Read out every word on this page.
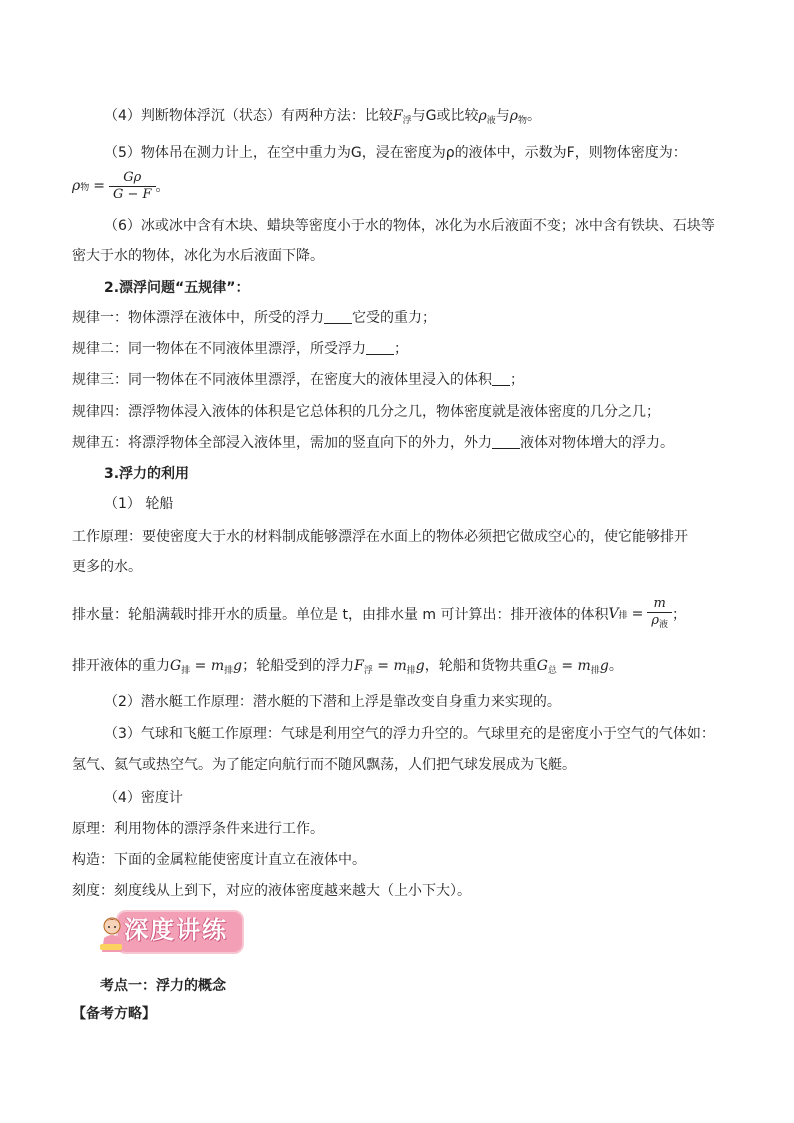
（4）判断物体浮沉（状态）有两种方法：比较$F_浮$与G或比较$\rho_液$与$\rho_物$。
（5）物体吊在测力计上，在空中重力为G，浸在密度为ρ的液体中，示数为F，则物体密度为：
ρ 物 = $\frac{G\rho}{G - F}$ 。
（6）冰或冰中含有木块、蜡块等密度小于水的物体，冰化为水后液面不变；冰中含有铁块、石块等
密大于水的物体，冰化为水后液面下降。
2.漂浮问题“五规律”：
规律一：物体漂浮在液体中，所受的浮力 它受的重力；
规律二：同一物体在不同液体里漂浮，所受浮力 ；
规律三：同一物体在不同液体里漂浮，在密度大的液体里浸入的体积 ；
规律四：漂浮物体浸入液体的体积是它总体积的几分之几，物体密度就是液体密度的几分之几；
规律五：将漂浮物体全部浸入液体里，需加的竖直向下的外力，外力 液体对物体增大的浮力。
3.浮力的利用
（1） 轮船
工作原理：要使密度大于水的材料制成能够漂浮在水面上的物体必须把它做成空心的，使它能够排开
更多的水。
排水量：轮船满载时排开水的质量。单位是 t，由排水量 m 可计算出：排开液体的体积 V 排 = $\frac{m}{\rho_液}$ ；
排开液体的重力$G_排 = m_排g$；轮船受到的浮力$F_浮 = m_排g$，轮船和货物共重$G_总 = m_排g$。
（2）潜水艇工作原理：潜水艇的下潜和上浮是靠改变自身重力来实现的。
（3）气球和飞艇工作原理：气球是利用空气的浮力升空的。气球里充的是密度小于空气的气体如：
氢气、氦气或热空气。为了能定向航行而不随风飘荡，人们把气球发展成为飞艇。
（4）密度计
原理：利用物体的漂浮条件来进行工作。
构造：下面的金属粒能使密度计直立在液体中。
刻度：刻度线从上到下，对应的液体密度越来越大（上小下大）。
深度讲练
考点一：浮力的概念
【备考方略】
